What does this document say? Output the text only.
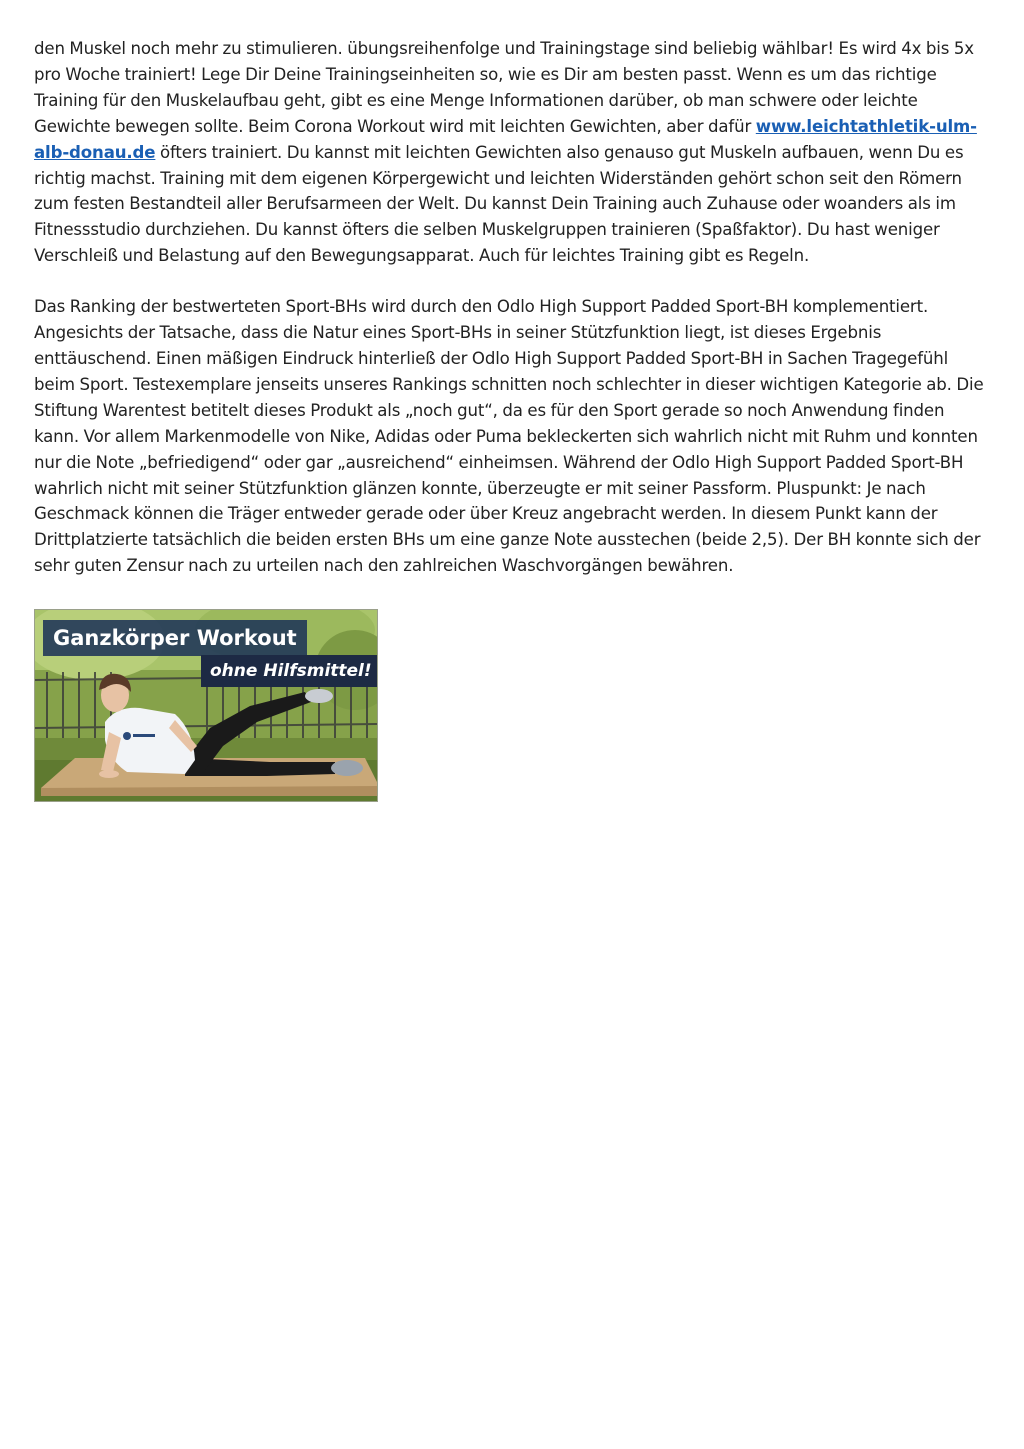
den Muskel noch mehr zu stimulieren. übungsreihenfolge und Trainingstage sind beliebig wählbar! Es wird 4x bis 5x pro Woche trainiert! Lege Dir Deine Trainingseinheiten so, wie es Dir am besten passt. Wenn es um das richtige Training für den Muskelaufbau geht, gibt es eine Menge Informationen darüber, ob man schwere oder leichte Gewichte bewegen sollte. Beim Corona Workout wird mit leichten Gewichten, aber dafür www.leichtathletik-ulm-alb-donau.de öfters trainiert. Du kannst mit leichten Gewichten also genauso gut Muskeln aufbauen, wenn Du es richtig machst. Training mit dem eigenen Körpergewicht und leichten Widerständen gehört schon seit den Römern zum festen Bestandteil aller Berufsarmeen der Welt. Du kannst Dein Training auch Zuhause oder woanders als im Fitnessstudio durchziehen. Du kannst öfters die selben Muskelgruppen trainieren (Spaßfaktor). Du hast weniger Verschleiß und Belastung auf den Bewegungsapparat. Auch für leichtes Training gibt es Regeln.

Das Ranking der bestwerteten Sport-BHs wird durch den Odlo High Support Padded Sport-BH komplementiert. Angesichts der Tatsache, dass die Natur eines Sport-BHs in seiner Stützfunktion liegt, ist dieses Ergebnis enttäuschend. Einen mäßigen Eindruck hinterließ der Odlo High Support Padded Sport-BH in Sachen Tragegefühl beim Sport. Testexemplare jenseits unseres Rankings schnitten noch schlechter in dieser wichtigen Kategorie ab. Die Stiftung Warentest betitelt dieses Produkt als „noch gut“, da es für den Sport gerade so noch Anwendung finden kann. Vor allem Markenmodelle von Nike, Adidas oder Puma bekleckerten sich wahrlich nicht mit Ruhm und konnten nur die Note „befriedigend“ oder gar „ausreichend“ einheimsen. Während der Odlo High Support Padded Sport-BH wahrlich nicht mit seiner Stützfunktion glänzen konnte, überzeugte er mit seiner Passform. Pluspunkt: Je nach Geschmack können die Träger entweder gerade oder über Kreuz angebracht werden. In diesem Punkt kann der Drittplatzierte tatsächlich die beiden ersten BHs um eine ganze Note ausstechen (beide 2,5). Der BH konnte sich der sehr guten Zensur nach zu urteilen nach den zahlreichen Waschvorgängen bewähren.

Ganzkörper Workout
ohne Hilfsmittel!
